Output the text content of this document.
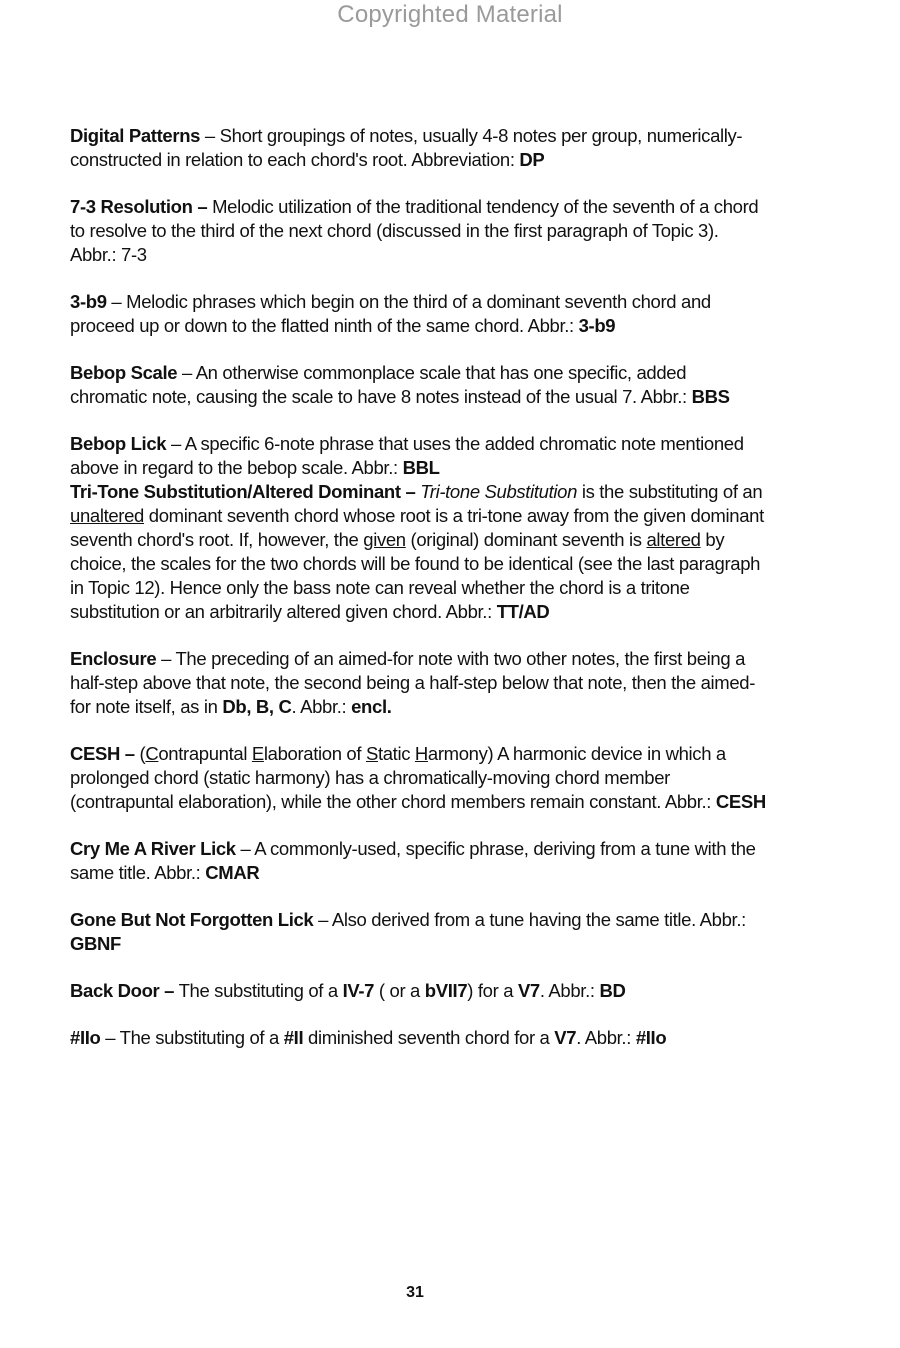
Copyrighted Material

Digital Patterns – Short groupings of notes, usually 4-8 notes per group, numerically-constructed in relation to each chord's root. Abbreviation: DP

7-3 Resolution – Melodic utilization of the traditional tendency of the seventh of a chord to resolve to the third of the next chord (discussed in the first paragraph of Topic 3). Abbr.: 7-3

3-b9 – Melodic phrases which begin on the third of a dominant seventh chord and proceed up or down to the flatted ninth of the same chord. Abbr.: 3-b9

Bebop Scale – An otherwise commonplace scale that has one specific, added chromatic note, causing the scale to have 8 notes instead of the usual 7. Abbr.: BBS

Bebop Lick – A specific 6-note phrase that uses the added chromatic note mentioned above in regard to the bebop scale. Abbr.: BBL

Tri-Tone Substitution/Altered Dominant – Tri-tone Substitution is the substituting of an unaltered dominant seventh chord whose root is a tri-tone away from the given dominant seventh chord's root. If, however, the given (original) dominant seventh is altered by choice, the scales for the two chords will be found to be identical (see the last paragraph in Topic 12). Hence only the bass note can reveal whether the chord is a tritone substitution or an arbitrarily altered given chord. Abbr.: TT/AD

Enclosure – The preceding of an aimed-for note with two other notes, the first being a half-step above that note, the second being a half-step below that note, then the aimed-for note itself, as in Db, B, C. Abbr.: encl.

CESH – (Contrapuntal Elaboration of Static Harmony) A harmonic device in which a prolonged chord (static harmony) has a chromatically-moving chord member (contrapuntal elaboration), while the other chord members remain constant. Abbr.: CESH

Cry Me A River Lick – A commonly-used, specific phrase, deriving from a tune with the same title. Abbr.: CMAR

Gone But Not Forgotten Lick – Also derived from a tune having the same title. Abbr.: GBNF

Back Door – The substituting of a IV-7 ( or a bVII7) for a V7. Abbr.: BD

#IIo – The substituting of a #II diminished seventh chord for a V7. Abbr.: #IIo

31
